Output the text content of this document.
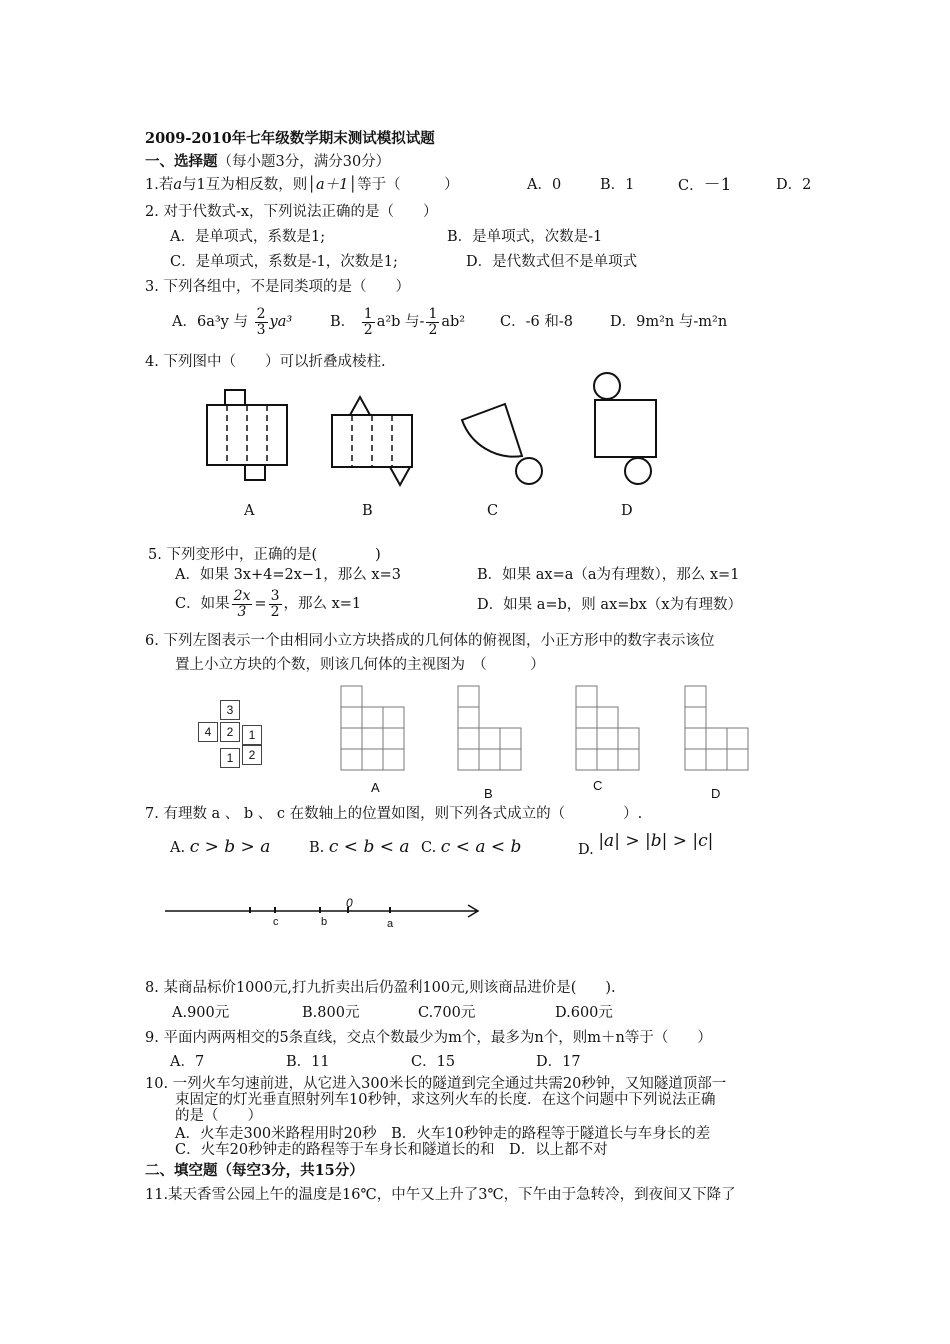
2009-2010年七年级数学期末测试模拟试题
一、选择题（每小题3分，满分30分）
1.若a与1互为相反数，则│a＋1│等于（　　　）	A．0	B．1	C．－1	D．2
2. 对于代数式-x，下列说法正确的是（　　）
A．是单项式，系数是1;	B．是单项式，次数是-1
C．是单项式，系数是-1，次数是1;	D．是代数式但不是单项式
3. 下列各组中，不是同类项的是（　　）
A．6a³y 与 $\frac{2}{3} ya^3$	B． $\frac{1}{2} a^2b$ 与- $\frac{1}{2} ab^2$ C．-6 和-8	D．9m²n 与-m²n
4. 下列图中（　　）可以折叠成棱柱.
A	B	C	D
5. 下列变形中，正确的是(　　　　)
A．如果 3x+4=2x−1，那么 x=3	B．如果 ax=a（a为有理数），那么 x=1
C．如果 $\frac{2x}{3} = \frac{3}{2}$ ，那么 x=1	D．如果 a=b，则 ax=bx（x为有理数）
6. 下列左图表示一个由相同小立方块搭成的几何体的俯视图，小正方形中的数字表示该位
置上小立方块的个数，则该几何体的主视图为　（　　　）
3
4	2	1
1	2
A	B
C
D
7. 有理数 a 、 b 、 c 在数轴上的位置如图，则下列各式成立的（　　　　）.
A. c > b > a	B. c < b < a C. c < a < b	D. |a| > |b| > |c|
c	b
0
a
8. 某商品标价1000元,打九折卖出后仍盈利100元,则该商品进价是(　　).
A.900元	B.800元	C.700元	D.600元
9. 平面内两两相交的5条直线，交点个数最少为m个，最多为n个，则m＋n等于（　　）
A．7	B．11	C．15	D．17
10. 一列火车匀速前进，从它进入300米长的隧道到完全通过共需20秒钟，又知隧道顶部一
束固定的灯光垂直照射列车10秒钟，求这列火车的长度．在这个问题中下列说法正确
的是（　　）
A．火车走300米路程用时20秒　B．火车10秒钟走的路程等于隧道长与车身长的差
C．火车20秒钟走的路程等于车身长和隧道长的和　D．以上都不对
二、填空题（每空3分，共15分）
11.某天香雪公园上午的温度是16℃，中午又上升了3℃，下午由于急转冷，到夜间又下降了
